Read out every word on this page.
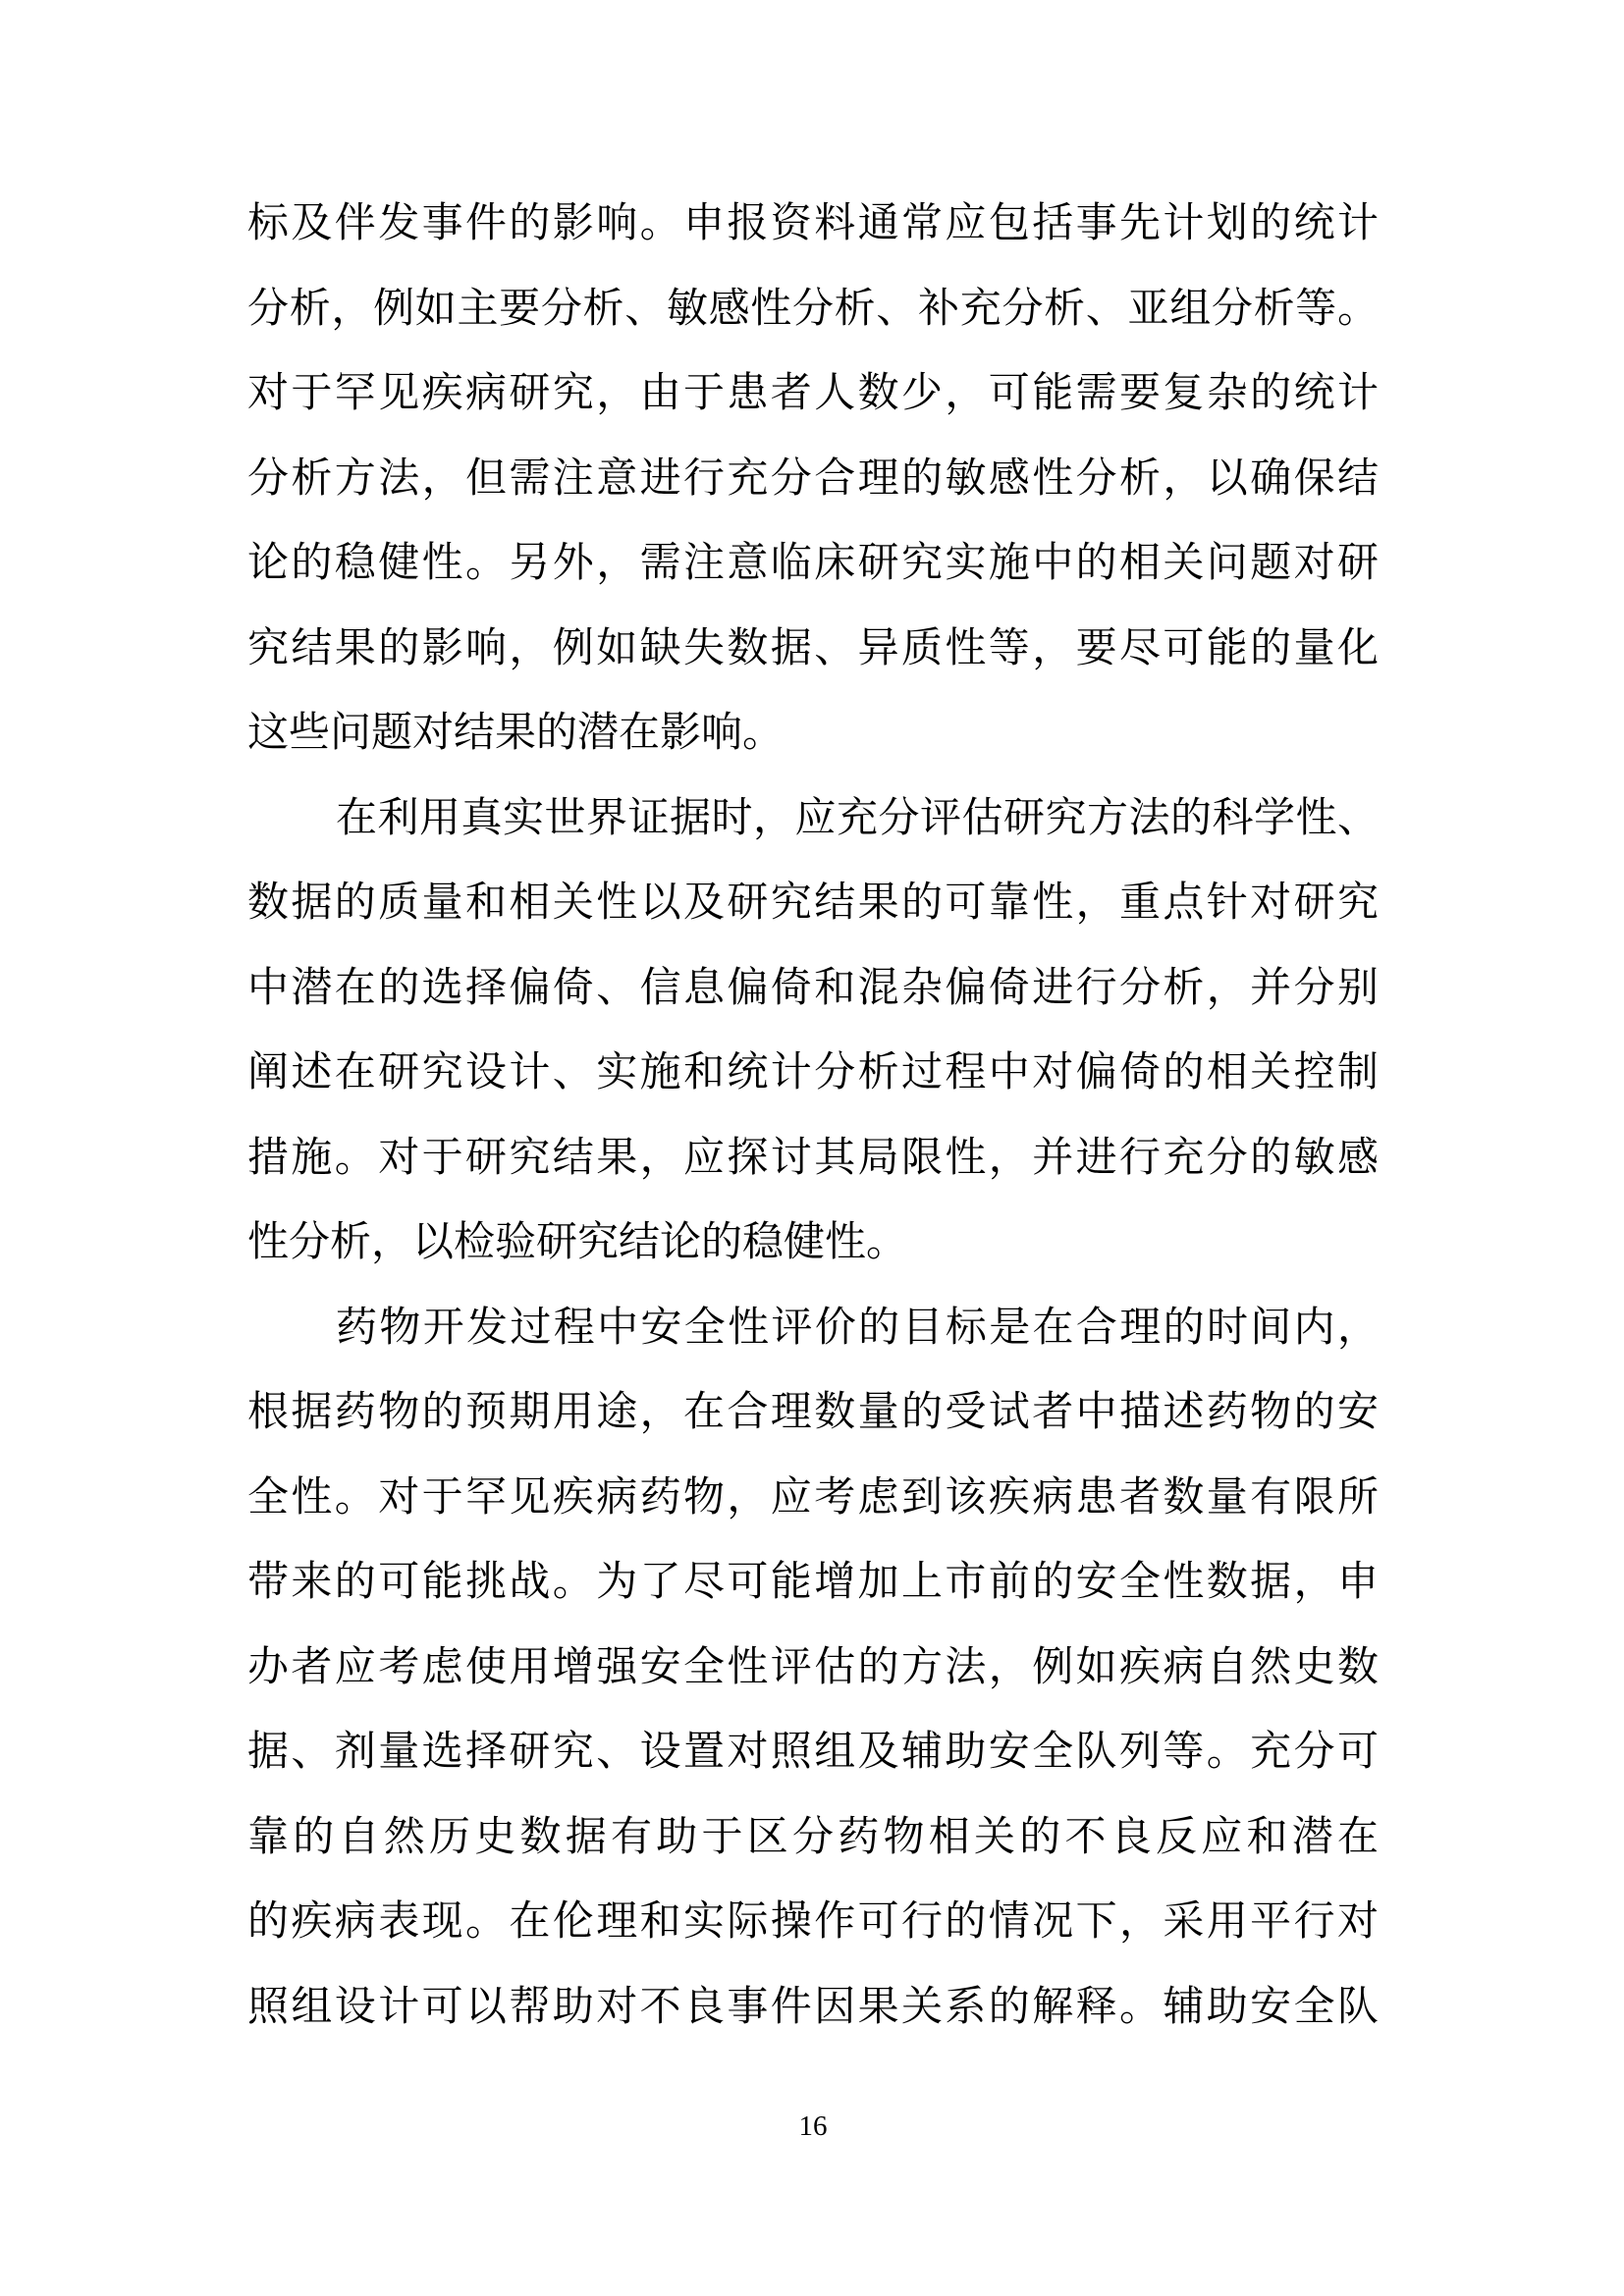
标及伴发事件的影响。申报资料通常应包括事先计划的统计
分析，例如主要分析、敏感性分析、补充分析、亚组分析等。
对于罕见疾病研究，由于患者人数少，可能需要复杂的统计
分析方法，但需注意进行充分合理的敏感性分析，以确保结
论的稳健性。另外，需注意临床研究实施中的相关问题对研
究结果的影响，例如缺失数据、异质性等，要尽可能的量化
这些问题对结果的潜在影响。
在利用真实世界证据时，应充分评估研究方法的科学性、
数据的质量和相关性以及研究结果的可靠性，重点针对研究
中潜在的选择偏倚、信息偏倚和混杂偏倚进行分析，并分别
阐述在研究设计、实施和统计分析过程中对偏倚的相关控制
措施。对于研究结果，应探讨其局限性，并进行充分的敏感
性分析，以检验研究结论的稳健性。
药物开发过程中安全性评价的目标是在合理的时间内，
根据药物的预期用途，在合理数量的受试者中描述药物的安
全性。对于罕见疾病药物，应考虑到该疾病患者数量有限所
带来的可能挑战。为了尽可能增加上市前的安全性数据，申
办者应考虑使用增强安全性评估的方法，例如疾病自然史数
据、剂量选择研究、设置对照组及辅助安全队列等。充分可
靠的自然历史数据有助于区分药物相关的不良反应和潜在
的疾病表现。在伦理和实际操作可行的情况下，采用平行对
照组设计可以帮助对不良事件因果关系的解释。辅助安全队
16
